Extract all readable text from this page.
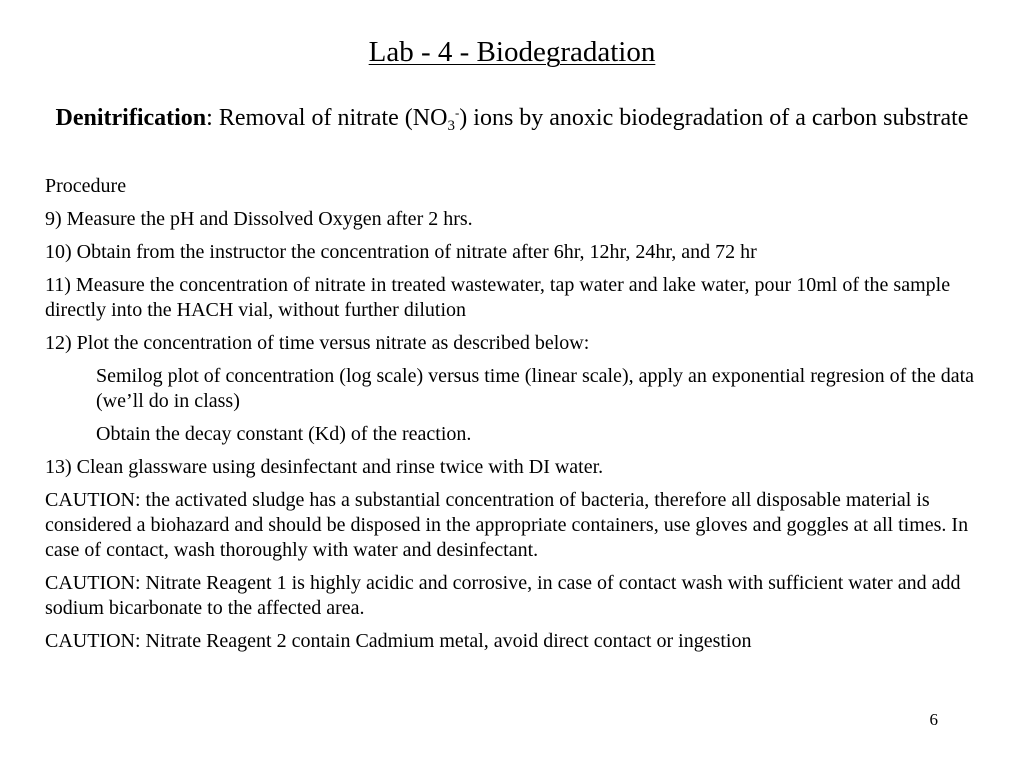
Lab - 4 - Biodegradation
Denitrification: Removal of nitrate $(NO_3^-)$ ions by anoxic biodegradation of a carbon substrate

Procedure

9) Measure the pH and Dissolved Oxygen after 2 hrs.

10) Obtain from the instructor the concentration of nitrate after 6hr, 12hr, 24hr, and 72 hr

11) Measure the concentration of nitrate in treated wastewater, tap water and lake water, pour 10ml of the sample directly into the HACH vial, without further dilution

12) Plot the concentration of time versus nitrate as described below:

Semilog plot of concentration (log scale) versus time (linear scale), apply an exponential regresion of the data (we’ll do in class)

Obtain the decay constant (Kd) of the reaction.

13) Clean glassware using desinfectant and rinse twice with DI water.

CAUTION: the activated sludge has a substantial concentration of bacteria, therefore all disposable material is considered a biohazard and should be disposed in the appropriate containers, use gloves and goggles at all times. In case of contact, wash thoroughly with water and desinfectant.

CAUTION: Nitrate Reagent 1 is highly acidic and corrosive, in case of contact wash with sufficient water and add sodium bicarbonate to the affected area.

CAUTION: Nitrate Reagent 2 contain Cadmium metal, avoid direct contact or ingestion

6
